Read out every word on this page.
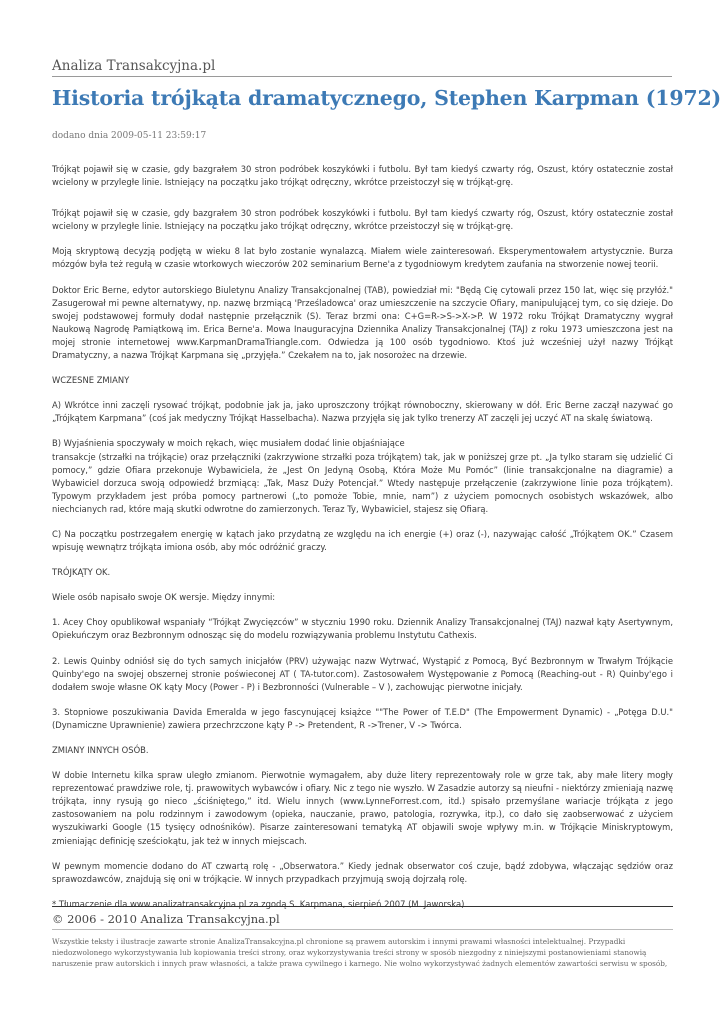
Analiza Transakcyjna.pl
Historia trójkąta dramatycznego, Stephen Karpman (1972)
dodano dnia 2009-05-11 23:59:17

Trójkąt pojawił się w czasie, gdy bazgrałem 30 stron podróbek koszykówki i futbolu. Był tam kiedyś czwarty róg, Oszust, który ostatecznie został wcielony w przyległe linie. Istniejący na początku jako trójkąt odręczny, wkrótce przeistoczył się w trójkąt-grę.

Trójkąt pojawił się w czasie, gdy bazgrałem 30 stron podróbek koszykówki i futbolu. Był tam kiedyś czwarty róg, Oszust, który ostatecznie został wcielony w przyległe linie. Istniejący na początku jako trójkąt odręczny, wkrótce przeistoczył się w trójkąt-grę.

Moją skryptową decyzją podjętą w wieku 8 lat było zostanie wynalazcą. Miałem wiele zainteresowań. Eksperymentowałem artystycznie. Burza mózgów była też regułą w czasie wtorkowych wieczorów 202 seminarium Berne'a z tygodniowym kredytem zaufania na stworzenie nowej teorii.

Doktor Eric Berne, edytor autorskiego Biuletynu Analizy Transakcjonalnej (TAB), powiedział mi: "Będą Cię cytowali przez 150 lat, więc się przyłóż." Zasugerował mi pewne alternatywy, np. nazwę brzmiącą 'Prześladowca' oraz umieszczenie na szczycie Ofiary, manipulującej tym, co się dzieje. Do swojej podstawowej formuły dodał następnie przełącznik (S). Teraz brzmi ona: C+G=R->S->X->P. W 1972 roku Trójkąt Dramatyczny wygrał Naukową Nagrodę Pamiątkową im. Erica Berne'a. Mowa Inauguracyjna Dziennika Analizy Transakcjonalnej (TAJ) z roku 1973 umieszczona jest na mojej stronie internetowej www.KarpmanDramaTriangle.com. Odwiedza ją 100 osób tygodniowo. Ktoś już wcześniej użył nazwy Trójkąt Dramatyczny, a nazwa Trójkąt Karpmana się „przyjęła.” Czekałem na to, jak nosorożec na drzewie.

WCZESNE ZMIANY

A) Wkrótce inni zaczęli rysować trójkąt, podobnie jak ja, jako uproszczony trójkąt równoboczny, skierowany w dół. Eric Berne zaczął nazywać go „Trójkątem Karpmana” (coś jak medyczny Trójkąt Hasselbacha). Nazwa przyjęła się jak tylko trenerzy AT zaczęli jej uczyć AT na skalę światową.

B) Wyjaśnienia spoczywały w moich rękach, więc musiałem dodać linie objaśniające

transakcje (strzałki na trójkącie) oraz przełączniki (zakrzywione strzałki poza trójkątem) tak, jak w poniższej grze pt. „Ja tylko staram się udzielić Ci pomocy,” gdzie Ofiara przekonuje Wybawiciela, że „Jest On Jedyną Osobą, Która Może Mu Pomóc” (linie transakcjonalne na diagramie) a Wybawiciel dorzuca swoją odpowiedź brzmiącą: „Tak, Masz Duży Potencjał.” Wtedy następuje przełączenie (zakrzywione linie poza trójkątem). Typowym przykładem jest próba pomocy partnerowi („to pomoże Tobie, mnie, nam”) z użyciem pomocnych osobistych wskazówek, albo niechcianych rad, które mają skutki odwrotne do zamierzonych. Teraz Ty, Wybawiciel, stajesz się Ofiarą.

C) Na początku postrzegałem energię w kątach jako przydatną ze względu na ich energie (+) oraz (-), nazywając całość „Trójkątem OK.” Czasem wpisuję wewnątrz trójkąta imiona osób, aby móc odróżnić graczy.

TRÓJKĄTY OK.

Wiele osób napisało swoje OK wersje. Między innymi:

1. Acey Choy opublikował wspaniały “Trójkąt Zwycięzców” w styczniu 1990 roku. Dziennik Analizy Transakcjonalnej (TAJ) nazwał kąty Asertywnym, Opiekuńczym oraz Bezbronnym odnosząc się do modelu rozwiązywania problemu Instytutu Cathexis.

2. Lewis Quinby odniósł się do tych samych inicjałów (PRV) używając nazw Wytrwać, Wystąpić z Pomocą, Być Bezbronnym w Trwałym Trójkącie Quinby'ego na swojej obszernej stronie poświeconej AT ( TA-tutor.com). Zastosowałem Występowanie z Pomocą (Reaching-out - R) Quinby'ego i dodałem swoje własne OK kąty Mocy (Power - P) i Bezbronności (Vulnerable – V ), zachowując pierwotne inicjały.

3. Stopniowe poszukiwania Davida Emeralda w jego fascynującej książce ""The Power of T.E.D" (The Empowerment Dynamic) - „Potęga D.U." (Dynamiczne Uprawnienie) zawiera przechrzczone kąty P -> Pretendent, R ->Trener, V -> Twórca.

ZMIANY INNYCH OSÓB.

W dobie Internetu kilka spraw uległo zmianom. Pierwotnie wymagałem, aby duże litery reprezentowały role w grze tak, aby małe litery mogły reprezentować prawdziwe role, tj. prawowitych wybawców i ofiary. Nic z tego nie wyszło. W Zasadzie autorzy są nieufni - niektórzy zmieniają nazwę trójkąta, inny rysują go nieco „ściśniętego,” itd. Wielu innych (www.LynneForrest.com, itd.) spisało przemyślane wariacje trójkąta z jego zastosowaniem na polu rodzinnym i zawodowym (opieka, nauczanie, prawo, patologia, rozrywka, itp.), co dało się zaobserwować z użyciem wyszukiwarki Google (15 tysięcy odnośników). Pisarze zainteresowani tematyką AT objawili swoje wpływy m.in. w Trójkącie Miniskryptowym, zmieniając definicję sześciokątu, jak też w innych miejscach.

W pewnym momencie dodano do AT czwartą rolę - „Obserwatora.” Kiedy jednak obserwator coś czuje, bądź zdobywa, włączając sędziów oraz sprawozdawców, znajdują się oni w trójkącie. W innych przypadkach przyjmują swoją dojrzałą rolę.

* Tłumaczenie dla www.analizatransakcyjna.pl za zgodą S. Karpmana, sierpień 2007 (M. Jaworska)

© 2006 - 2010 Analiza Transakcyjna.pl
Wszystkie teksty i ilustracje zawarte stronie AnalizaTransakcyjna.pl chronione są prawem autorskim i innymi prawami własności intelektualnej. Przypadki niedozwolonego wykorzystywania lub kopiowania treści strony, oraz wykorzystywania treści strony w sposób niezgodny z niniejszymi postanowieniami stanowią naruszenie praw autorskich i innych praw własności, a także prawa cywilnego i karnego. Nie wolno wykorzystywać żadnych elementów zawartości serwisu w sposób,
